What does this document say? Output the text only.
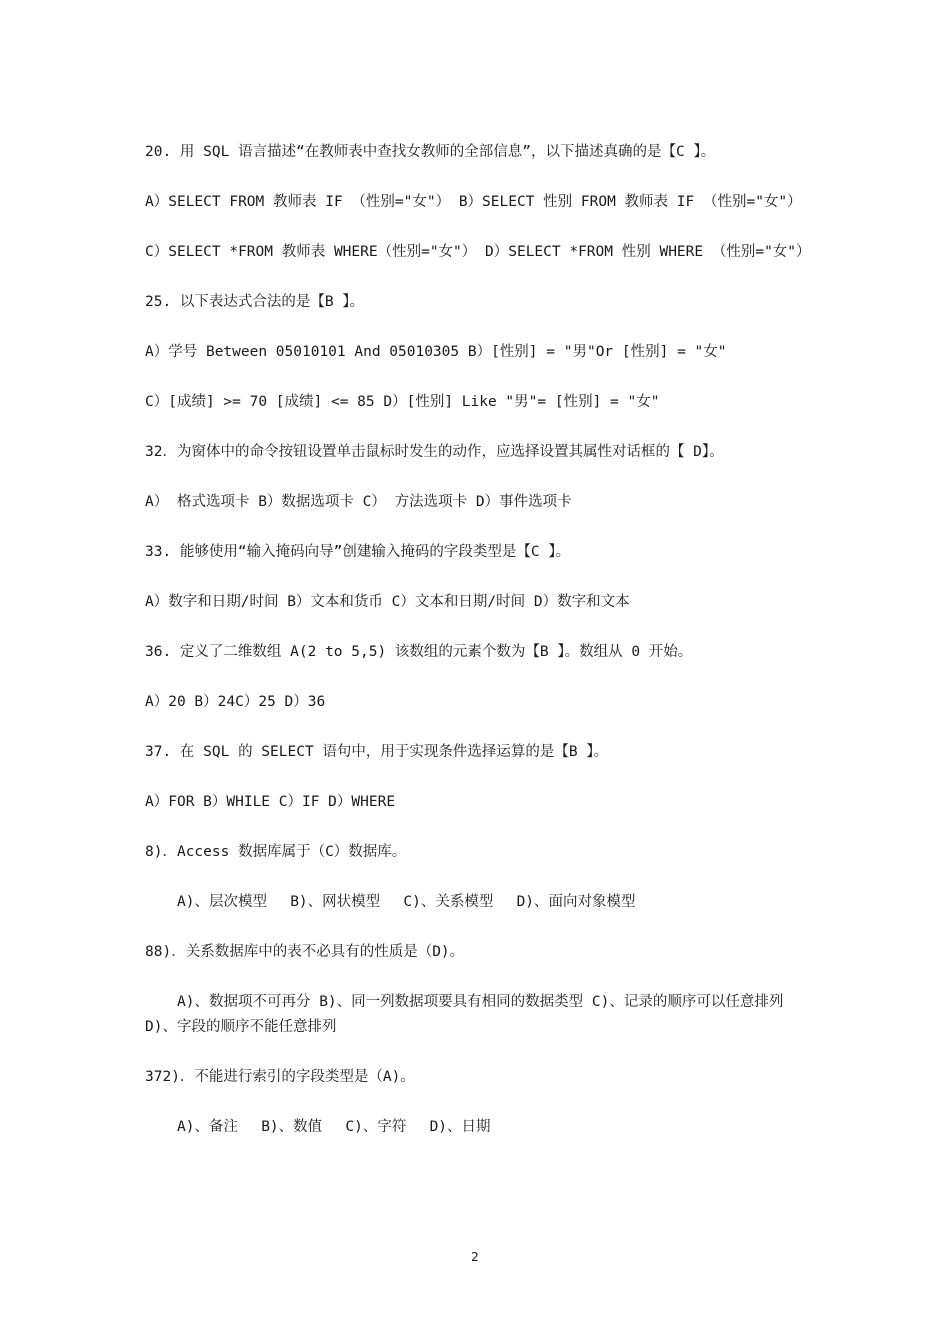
20. 用 SQL 语言描述“在教师表中查找女教师的全部信息”，以下描述真确的是【C 】。

A）SELECT FROM 教师表 IF （性别="女"） B）SELECT 性别 FROM 教师表 IF （性别="女"）

C）SELECT *FROM 教师表 WHERE（性别="女"） D）SELECT *FROM 性别 WHERE （性别="女"）

25. 以下表达式合法的是【B 】。

A）学号 Between 05010101 And 05010305 B）[性别] = "男"Or [性别] = "女"

C）[成绩] >= 70 [成绩] <= 85 D）[性别] Like "男"= [性别] = "女"

32．为窗体中的命令按钮设置单击鼠标时发生的动作，应选择设置其属性对话框的【 D】。

A） 格式选项卡 B）数据选项卡 C） 方法选项卡 D）事件选项卡

33. 能够使用“输入掩码向导”创建输入掩码的字段类型是【C 】。

A）数字和日期/时间 B）文本和货币 C）文本和日期/时间 D）数字和文本

36. 定义了二维数组 A(2 to 5,5) 该数组的元素个数为【B 】。数组从 0 开始。

A）20 B）24C）25 D）36

37. 在 SQL 的 SELECT 语句中，用于实现条件选择运算的是【B 】。

A）FOR B）WHILE C）IF D）WHERE

8)．Access 数据库属于（C）数据库。

A)、层次模型　 B)、网状模型　 C)、关系模型　 D)、面向对象模型

88)．关系数据库中的表不必具有的性质是（D)。

A)、数据项不可再分 B)、同一列数据项要具有相同的数据类型 C)、记录的顺序可以任意排列　 D)、字段的顺序不能任意排列

372)．不能进行索引的字段类型是（A)。

A)、备注　 B)、数值　 C)、字符　 D)、日期

2
